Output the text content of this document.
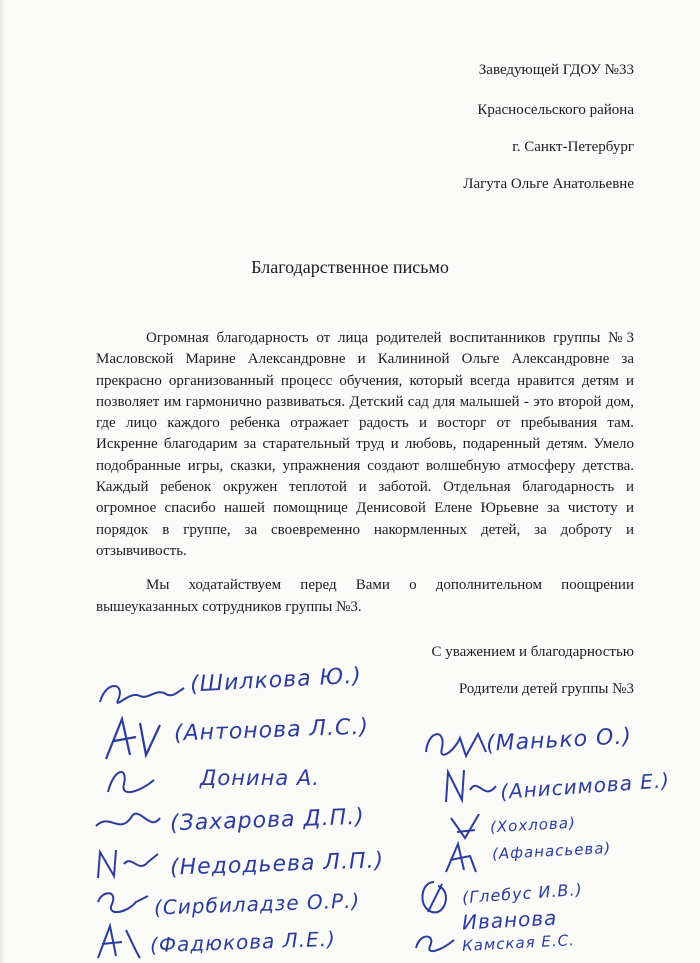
Заведующей ГДОУ №33
Красносельского района
г. Санкт-Петербург
Лагута Ольге Анатольевне
Благодарственное письмо

Огромная благодарность от лица родителей воспитанников группы №3 Масловской Марине Александровне и Калининой Ольге Александровне за прекрасно организованный процесс обучения, который всегда нравится детям и позволяет им гармонично развиваться. Детский сад для малышей - это второй дом, где лицо каждого ребенка отражает радость и восторг от пребывания там. Искренне благодарим за старательный труд и любовь, подаренный детям. Умело подобранные игры, сказки, упражнения создают волшебную атмосферу детства. Каждый ребенок окружен теплотой и заботой. Отдельная благодарность и огромное спасибо нашей помощнице Денисовой Елене Юрьевне за чистоту и порядок в группе, за своевременно накормленных детей, за доброту и отзывчивость.

Мы ходатайствуем перед Вами о дополнительном поощрении вышеуказанных сотрудников группы №3.

С уважением и благодарностью
Родители детей группы №3
(Шилкова Ю.)
(Антонова Л.С.)
Донина А.
(Захарова Д.П.)
(Недодьева Л.П.)
(Сирбиладзе О.Р.)
(Фадюкова Л.Е.)
(Манько О.)
(Анисимова Е.)
(Хохлова)
(Афанасьева)
(Глебус И.В.)
Иванова
Камская Е.С.
